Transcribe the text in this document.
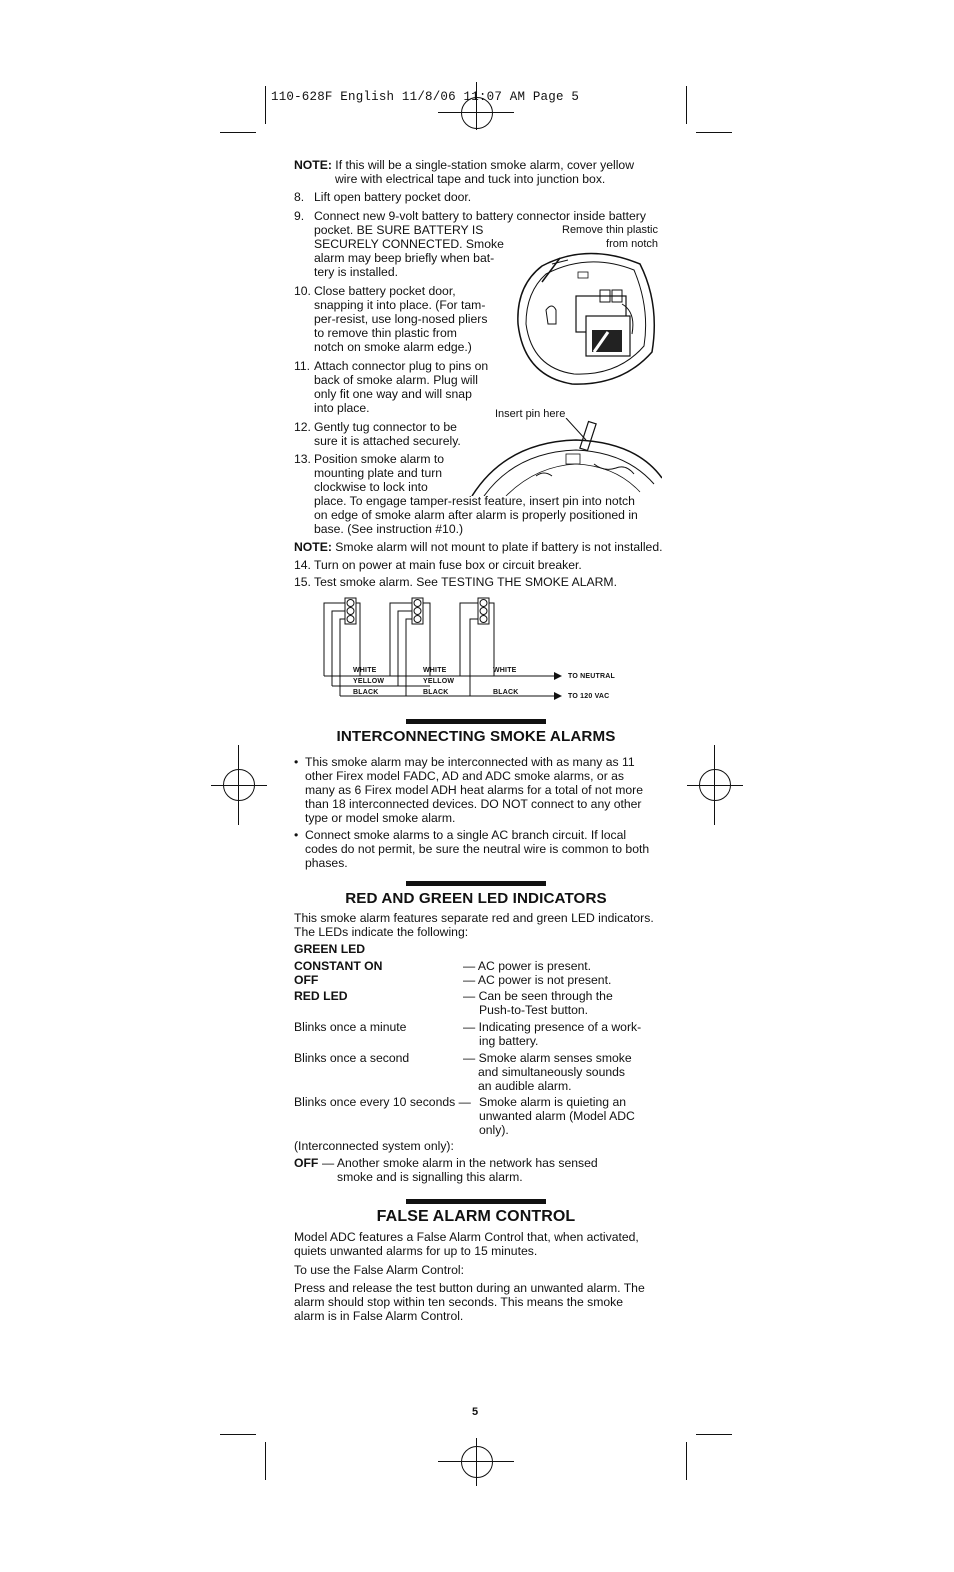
110-628F English 11/8/06 11:07 AM Page 5
NOTE: If this will be a single-station smoke alarm, cover yellow
wire with electrical tape and tuck into junction box.
8. Lift open battery pocket door.
9. Connect new 9-volt battery to battery connector inside battery
pocket. BE SURE BATTERY IS
SECURELY CONNECTED. Smoke
alarm may beep briefly when bat-
tery is installed.
10. Close battery pocket door,
snapping it into place. (For tam-
per-resist, use long-nosed pliers
to remove thin plastic from
notch on smoke alarm edge.)
11. Attach connector plug to pins on
back of smoke alarm. Plug will
only fit one way and will snap
into place.
12. Gently tug connector to be
sure it is attached securely.
13. Position smoke alarm to
mounting plate and turn
clockwise to lock into
place. To engage tamper-resist feature, insert pin into notch
on edge of smoke alarm after alarm is properly positioned in
base. (See instruction #10.)
Remove thin plastic
from notch
Insert pin here
NOTE: Smoke alarm will not mount to plate if battery is not installed.
14. Turn on power at main fuse box or circuit breaker.
15. Test smoke alarm. See TESTING THE SMOKE ALARM.
WHITE	WHITE	WHITE
YELLOW	YELLOW
BLACK	BLACK	BLACK
TO NEUTRAL
TO 120 VAC
INTERCONNECTING SMOKE ALARMS
• This smoke alarm may be interconnected with as many as 11
other Firex model FADC, AD and ADC smoke alarms, or as
many as 6 Firex model ADH heat alarms for a total of not more
than 18 interconnected devices. DO NOT connect to any other
type or model smoke alarm.
• Connect smoke alarms to a single AC branch circuit. If local
codes do not permit, be sure the neutral wire is common to both
phases.
RED AND GREEN LED INDICATORS
This smoke alarm features separate red and green LED indicators.
The LEDs indicate the following:
GREEN LED
CONSTANT ON	— AC power is present.
OFF	— AC power is not present.
RED LED	— Can be seen through the
Push-to-Test button.
Blinks once a minute	— Indicating presence of a work-
ing battery.
Blinks once a second	— Smoke alarm senses smoke
and simultaneously sounds
an audible alarm.
Blinks once every 10 seconds — Smoke alarm is quieting an
unwanted alarm (Model ADC
only).
(Interconnected system only):
OFF — Another smoke alarm in the network has sensed
smoke and is signalling this alarm.
FALSE ALARM CONTROL
Model ADC features a False Alarm Control that, when activated,
quiets unwanted alarms for up to 15 minutes.
To use the False Alarm Control:
Press and release the test button during an unwanted alarm. The
alarm should stop within ten seconds. This means the smoke
alarm is in False Alarm Control.
5
